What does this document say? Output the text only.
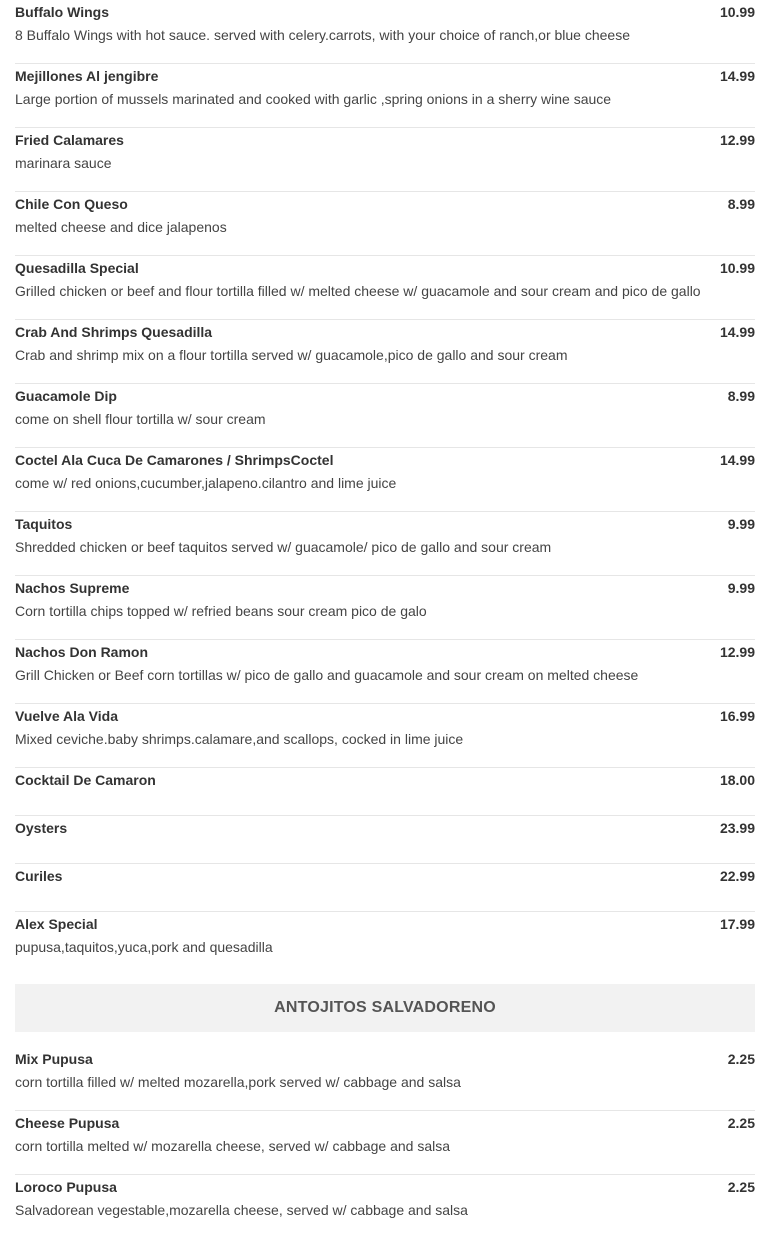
Buffalo Wings	10.99
8 Buffalo Wings with hot sauce. served with celery.carrots, with your choice of ranch,or blue cheese
Mejillones Al jengibre	14.99
Large portion of mussels marinated and cooked with garlic ,spring onions in a sherry wine sauce
Fried Calamares	12.99
marinara sauce
Chile Con Queso	8.99
melted cheese and dice jalapenos
Quesadilla Special	10.99
Grilled chicken or beef and flour tortilla filled w/ melted cheese w/ guacamole and sour cream and pico de gallo
Crab And Shrimps Quesadilla	14.99
Crab and shrimp mix on a flour tortilla served w/ guacamole,pico de gallo and sour cream
Guacamole Dip	8.99
come on shell flour tortilla w/ sour cream
Coctel Ala Cuca De Camarones / ShrimpsCoctel	14.99
come w/ red onions,cucumber,jalapeno.cilantro and lime juice
Taquitos	9.99
Shredded chicken or beef taquitos served w/ guacamole/ pico de gallo and sour cream
Nachos Supreme	9.99
Corn tortilla chips topped w/ refried beans sour cream pico de galo
Nachos Don Ramon	12.99
Grill Chicken or Beef corn tortillas w/ pico de gallo and guacamole and sour cream on melted cheese
Vuelve Ala Vida	16.99
Mixed ceviche.baby shrimps.calamare,and scallops, cocked in lime juice
Cocktail De Camaron	18.00
Oysters	23.99
Curiles	22.99
Alex Special	17.99
pupusa,taquitos,yuca,pork and quesadilla
ANTOJITOS SALVADORENO
Mix Pupusa	2.25
corn tortilla filled w/ melted mozarella,pork served w/ cabbage and salsa
Cheese Pupusa	2.25
corn tortilla melted w/ mozarella cheese, served w/ cabbage and salsa
Loroco Pupusa	2.25
Salvadorean vegestable,mozarella cheese, served w/ cabbage and salsa
